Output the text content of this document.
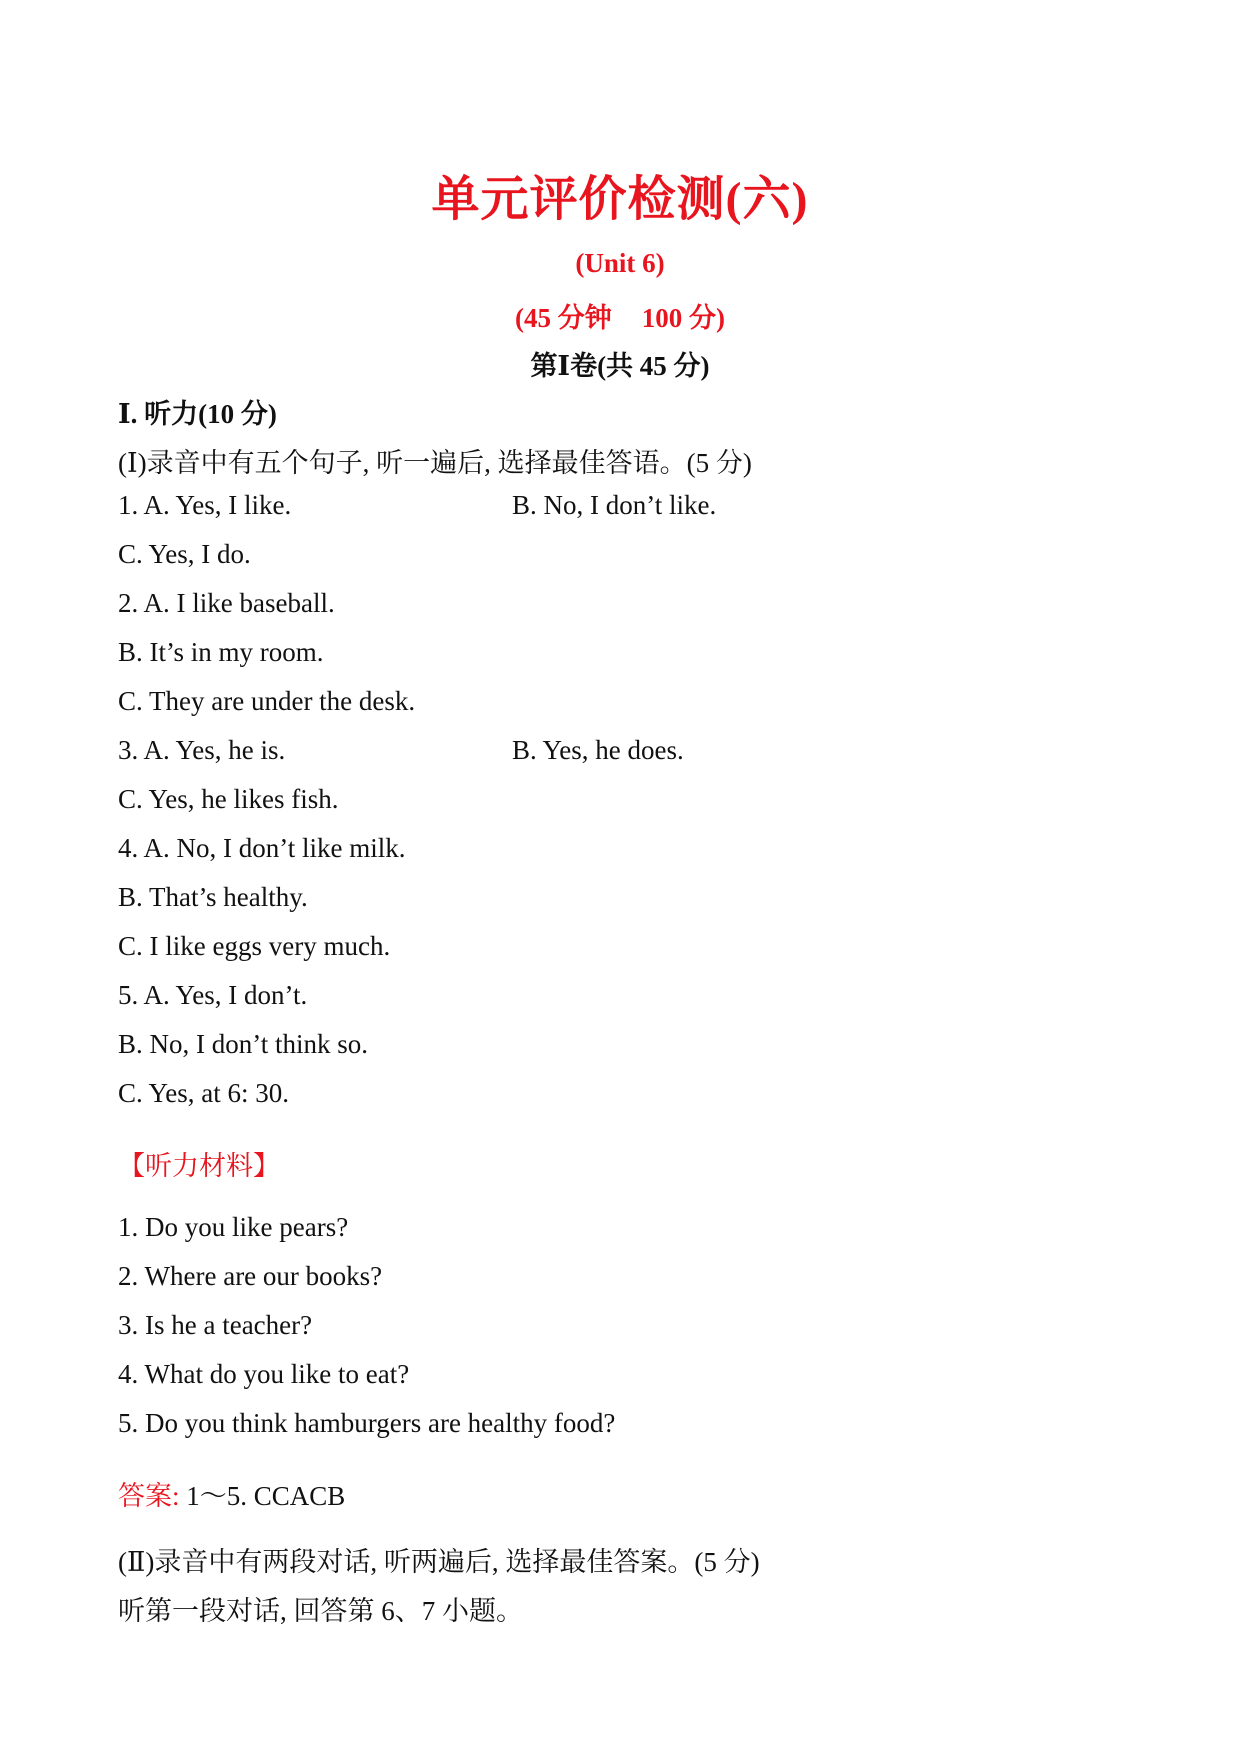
单元评价检测(六)
(Unit 6)
(45 分钟 100 分)
第Ⅰ卷(共 45 分)
Ⅰ. 听力(10 分)
(Ⅰ)录音中有五个句子, 听一遍后, 选择最佳答语。(5 分)
1. A. Yes, I like.	B. No, I don’t like.
C. Yes, I do.
2. A. I like baseball.
B. It’s in my room.
C. They are under the desk.
3. A. Yes, he is.	B. Yes, he does.
C. Yes, he likes fish.
4. A. No, I don’t like milk.
B. That’s healthy.
C. I like eggs very much.
5. A. Yes, I don’t.
B. No, I don’t think so.
C. Yes, at 6: 30.
【听力材料】
1. Do you like pears?
2. Where are our books?
3. Is he a teacher?
4. What do you like to eat?
5. Do you think hamburgers are healthy food?
答案: 1～5. CCACB
(Ⅱ)录音中有两段对话, 听两遍后, 选择最佳答案。(5 分)
听第一段对话, 回答第 6、7 小题。
